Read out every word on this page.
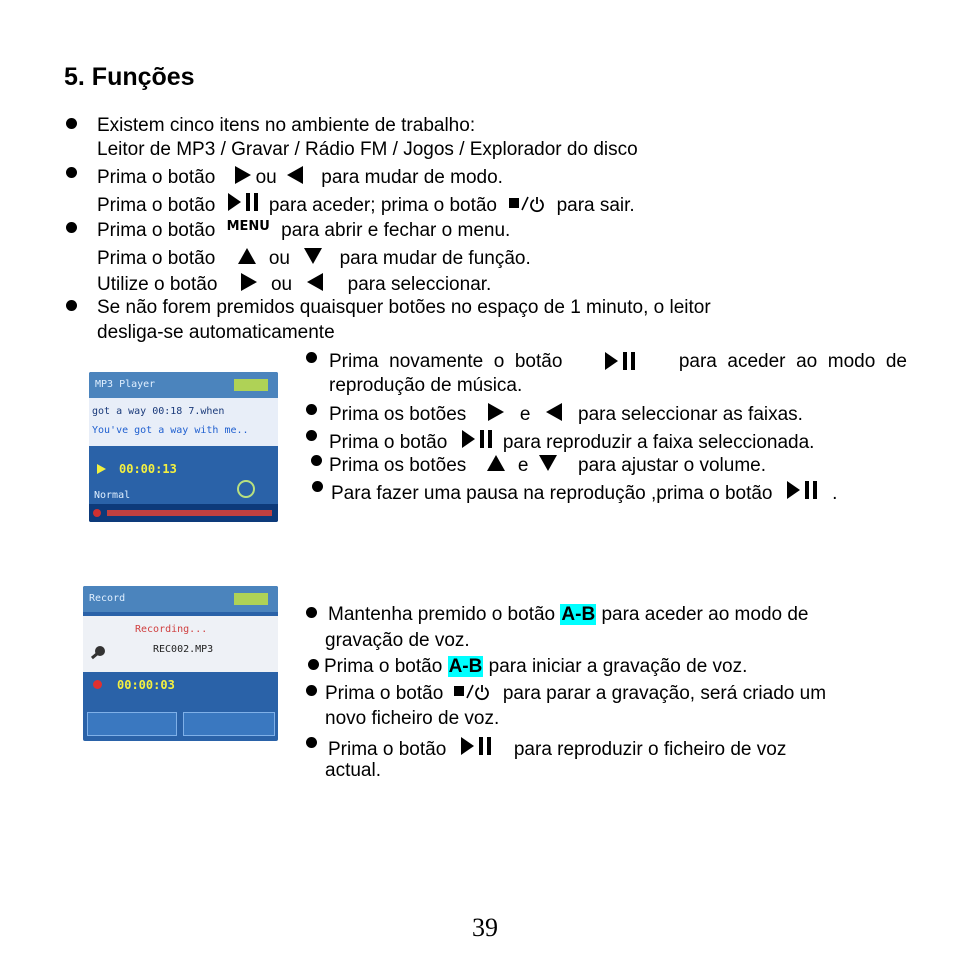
5. Funções
Existem cinco itens no ambiente de trabalho:
Leitor de MP3 / Gravar / Rádio FM / Jogos / Explorador do disco
Prima o botão ou para mudar de modo.
Prima o botão	para aceder; prima o botão	para sair.
Prima o botão MENU para abrir e fechar o menu.
Prima o botão	ou	para mudar de função.
Utilize o botão	ou	para seleccionar.
Se não forem premidos quaisquer botões no espaço de 1 minuto, o leitor
desliga-se automaticamente
MP3 Player
got a way 00:18 7.when
You've got a way with me..
00:00:13
Normal
Prima  novamente  o  botão	para  aceder  ao  modo  de
reprodução de música.
Prima os botões	e	para seleccionar as faixas.
Prima o botão	para reproduzir a faixa seleccionada.
Prima os botões	e	para ajustar o volume.
Para fazer uma pausa na reprodução ,prima o botão	.
Record
Recording...
REC002.MP3
00:00:03
Mantenha premido o botão A-B para aceder ao modo de
gravação de voz.
Prima o botão A-B para iniciar a gravação de voz.
Prima o botão	para parar a gravação, será criado um
novo ficheiro de voz.
Prima o botão	para reproduzir o ficheiro de voz
actual.
39
